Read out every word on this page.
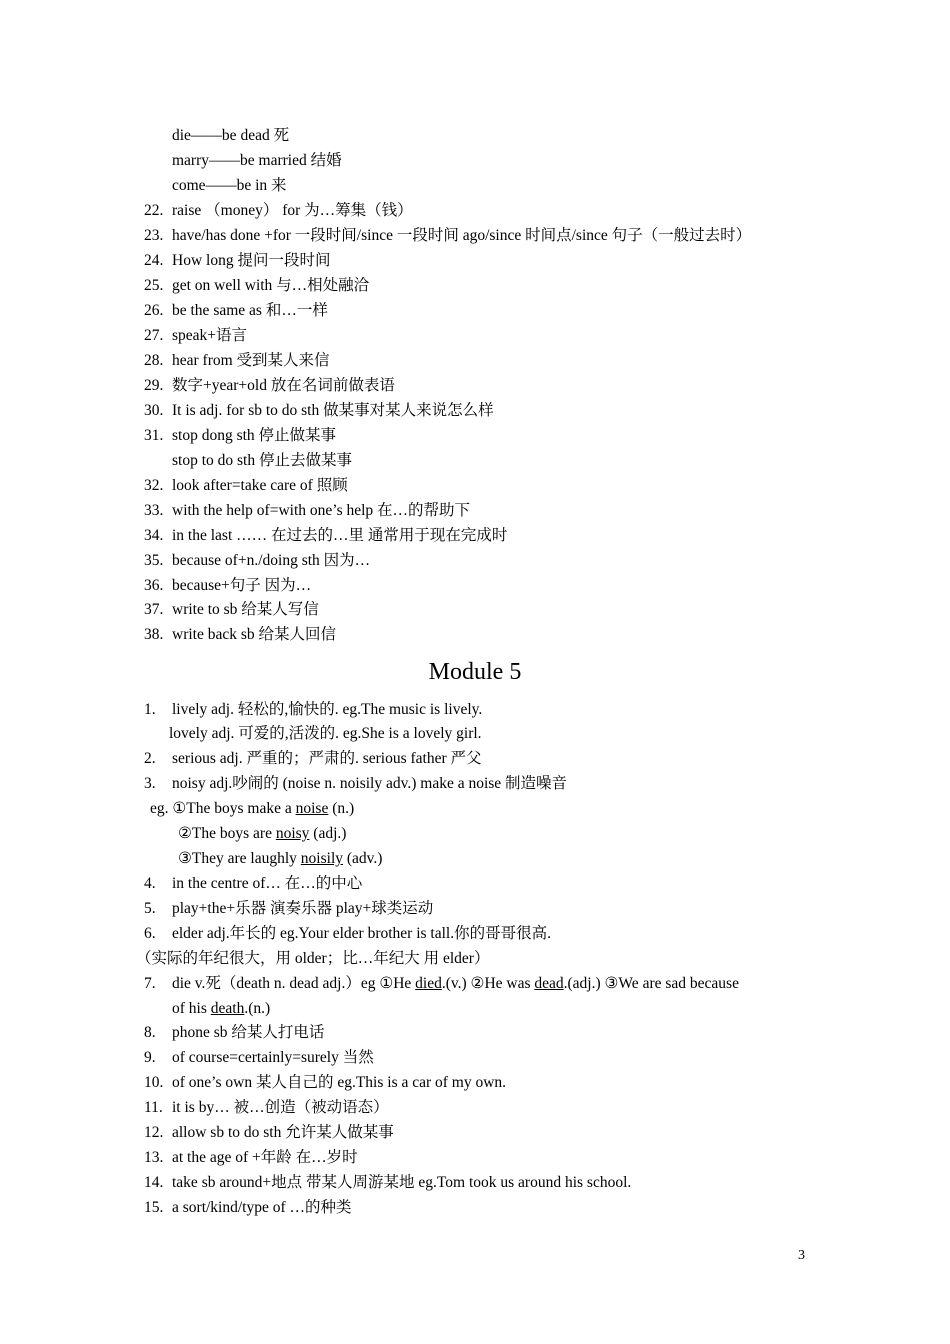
die——be dead 死
marry——be married 结婚
come——be in 来
22. raise （money） for 为…筹集（钱）
23. have/has done +for 一段时间/since 一段时间 ago/since 时间点/since 句子（一般过去时）
24. How long 提问一段时间
25. get on well with 与…相处融洽
26. be the same as 和…一样
27. speak+语言
28. hear from 受到某人来信
29. 数字+year+old 放在名词前做表语
30. It is adj. for sb to do sth 做某事对某人来说怎么样
31. stop dong sth 停止做某事
stop to do sth 停止去做某事
32. look after=take care of 照顾
33. with the help of=with one’s help 在…的帮助下
34. in the last …… 在过去的…里 通常用于现在完成时
35. because of+n./doing sth 因为…
36. because+句子 因为…
37. write to sb 给某人写信
38. write back sb 给某人回信
Module 5
1. lively adj. 轻松的,愉快的. eg.The music is lively.
lovely adj. 可爱的,活泼的. eg.She is a lovely girl.
2. serious adj. 严重的；严肃的. serious father 严父
3. noisy adj.吵闹的 (noise n. noisily adv.) make a noise 制造噪音
eg. ①The boys make a noise (n.)
②The boys are noisy (adj.)
③They are laughly noisily (adv.)
4. in the centre of… 在…的中心
5. play+the+乐器 演奏乐器 play+球类运动
6. elder adj.年长的 eg.Your elder brother is tall.你的哥哥很高.
（实际的年纪很大，用 older；比…年纪大 用 elder）
7. die v.死（death n. dead adj.）eg ①He died.(v.) ②He was dead.(adj.) ③We are sad because
of his death.(n.)
8. phone sb 给某人打电话
9. of course=certainly=surely 当然
10. of one’s own 某人自己的 eg.This is a car of my own.
11. it is by… 被…创造（被动语态）
12. allow sb to do sth 允许某人做某事
13. at the age of +年龄 在…岁时
14. take sb around+地点 带某人周游某地 eg.Tom took us around his school.
15. a sort/kind/type of …的种类
3
